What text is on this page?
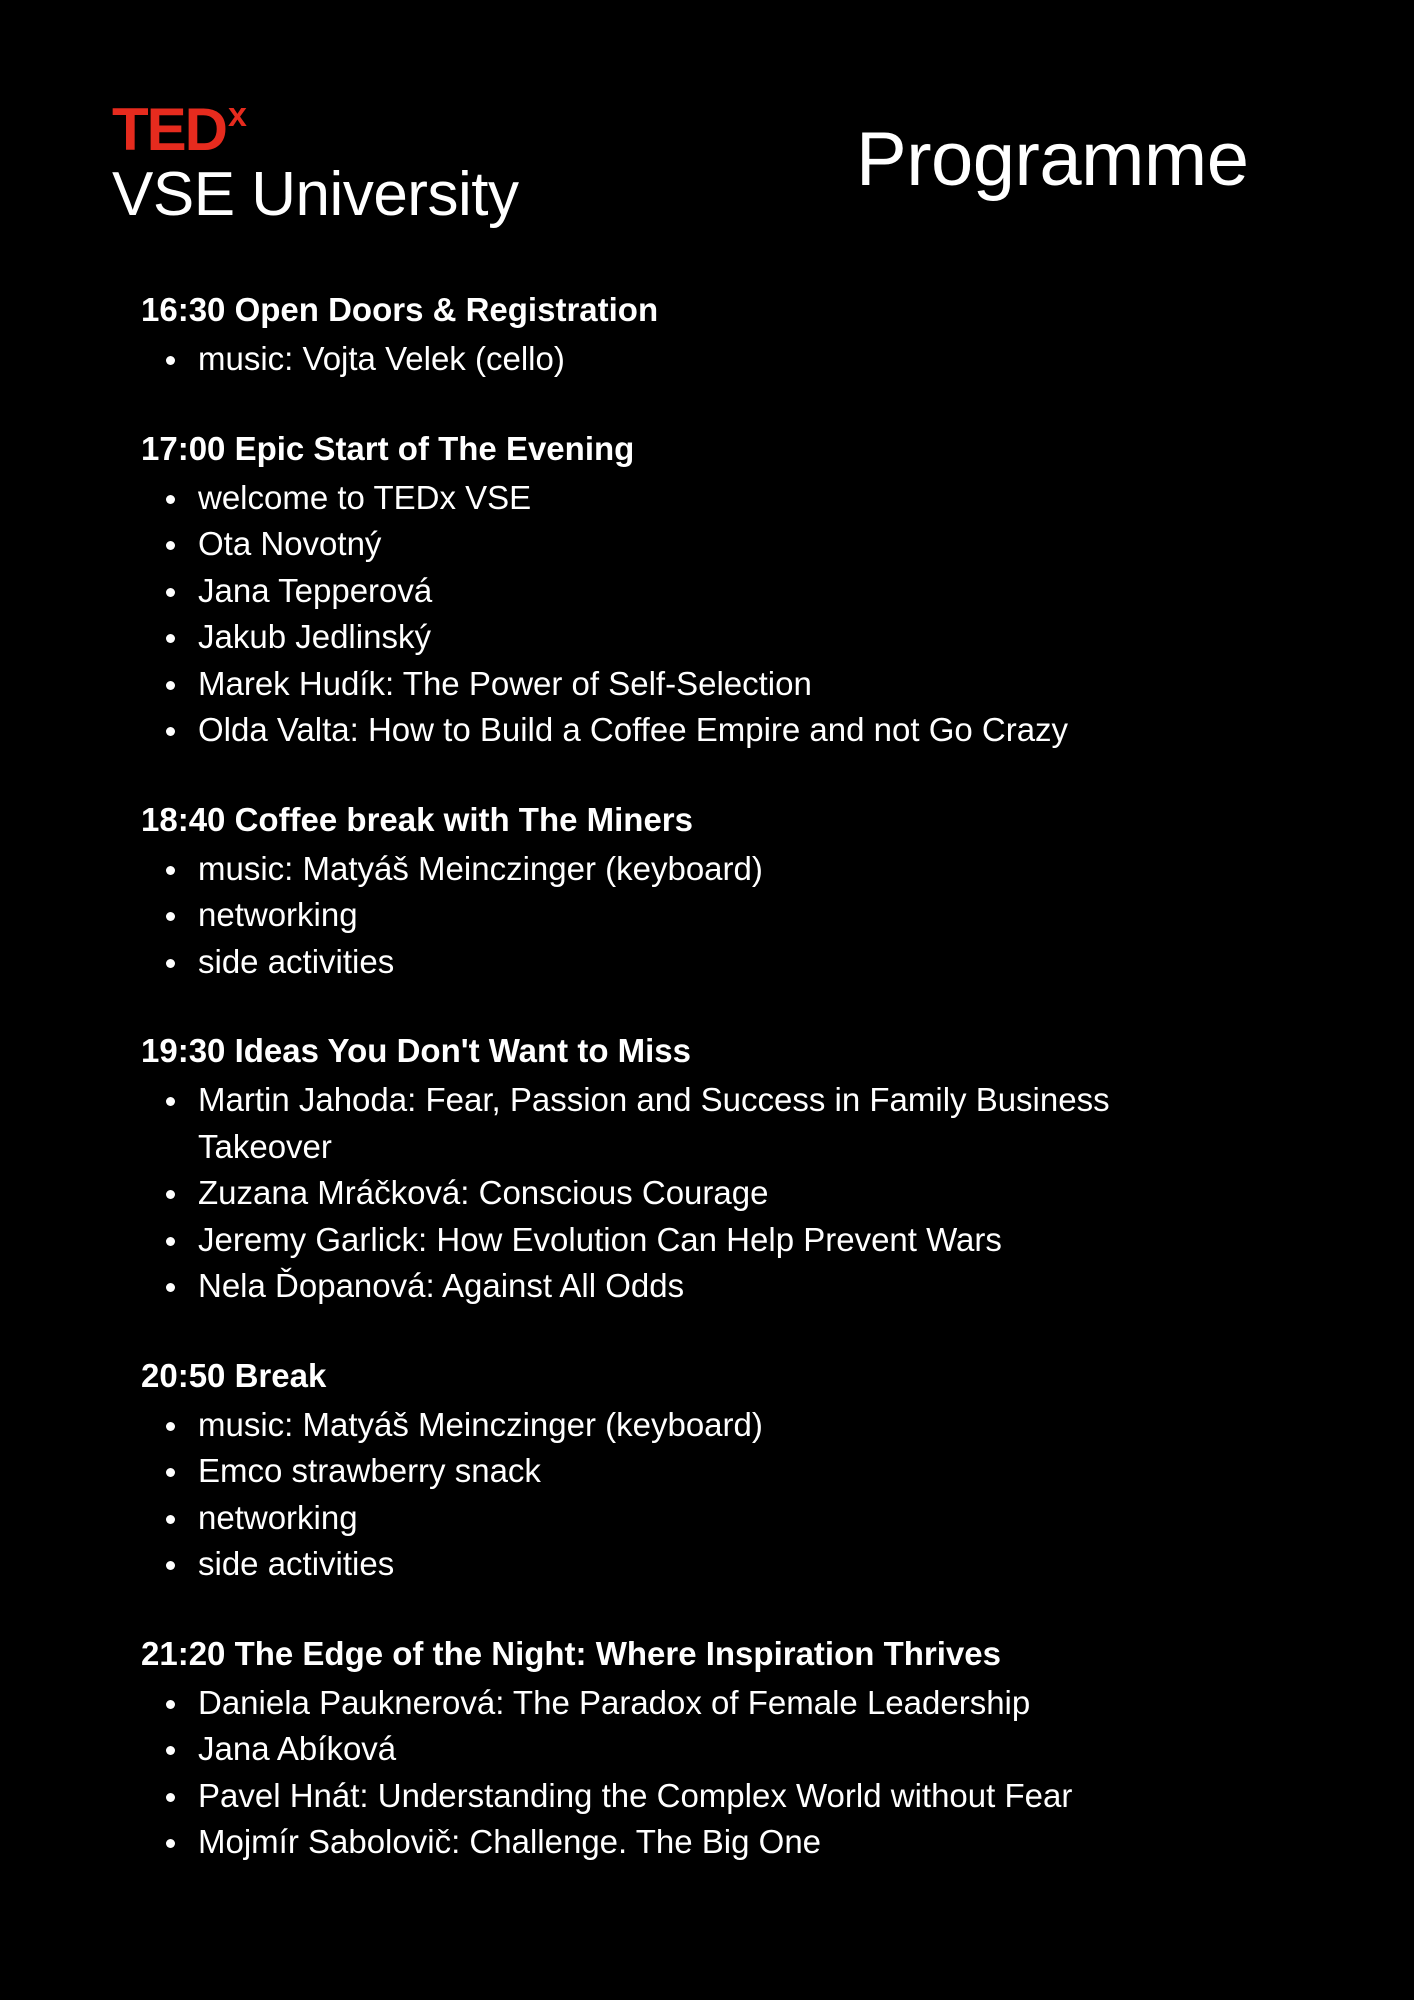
TED x
VSE University	Programme
16:30 Open Doors & Registration
music: Vojta Velek (cello)
17:00 Epic Start of The Evening
welcome to TEDx VSE
Ota Novotný
Jana Tepperová
Jakub Jedlinský
Marek Hudík: The Power of Self-Selection
Olda Valta: How to Build a Coffee Empire and not Go Crazy
18:40 Coffee break with The Miners
music: Matyáš Meinczinger (keyboard)
networking
side activities
19:30 Ideas You Don't Want to Miss
Martin Jahoda: Fear, Passion and Success in Family Business Takeover
Zuzana Mráčková: Conscious Courage
Jeremy Garlick: How Evolution Can Help Prevent Wars
Nela Ďopanová: Against All Odds
20:50 Break
music: Matyáš Meinczinger (keyboard)
Emco strawberry snack
networking
side activities
21:20 The Edge of the Night: Where Inspiration Thrives
Daniela Pauknerová: The Paradox of Female Leadership
Jana Abíková
Pavel Hnát: Understanding the Complex World without Fear
Mojmír Sabolovič: Challenge. The Big One
